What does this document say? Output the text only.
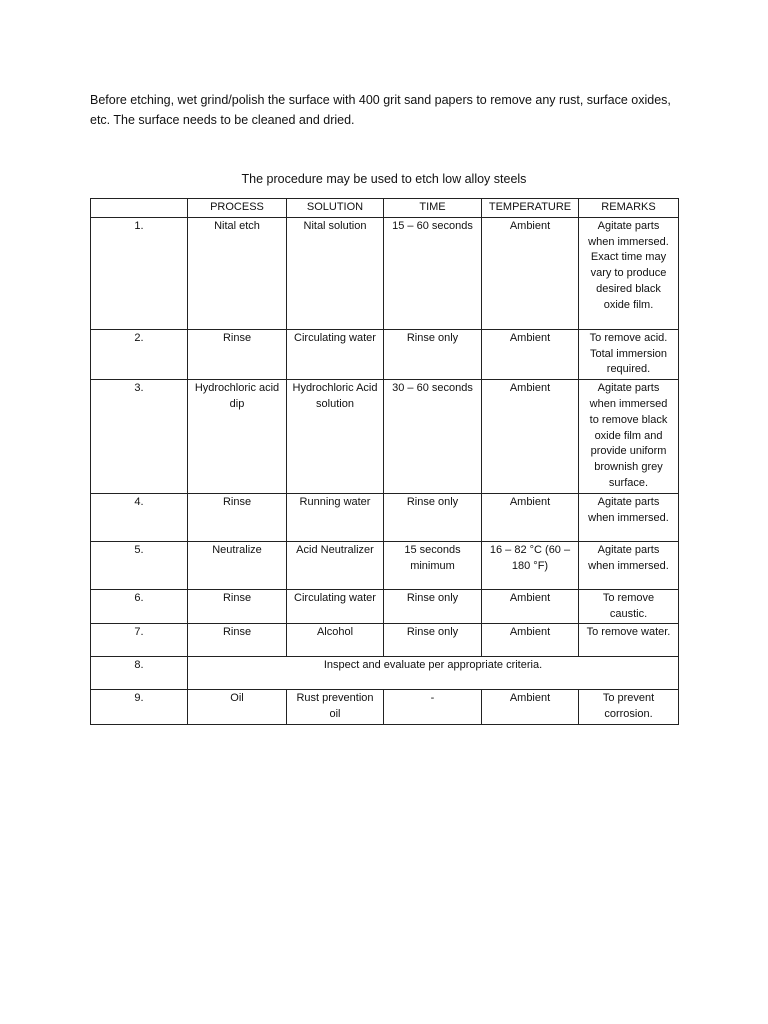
Before etching, wet grind/polish the surface with 400 grit sand papers to remove any rust, surface oxides, etc. The surface needs to be cleaned and dried.

The procedure may be used to etch low alloy steels

	PROCESS	SOLUTION	TIME	TEMPERATURE	REMARKS
1.	Nital etch	Nital solution	15 – 60 seconds	Ambient	Agitate parts when immersed. Exact time may vary to produce desired black oxide film.
2.	Rinse	Circulating water	Rinse only	Ambient	To remove acid. Total immersion required.
3.	Hydrochloric acid dip	Hydrochloric Acid solution	30 – 60 seconds	Ambient	Agitate parts when immersed to remove black oxide film and provide uniform brownish grey surface.
4.	Rinse	Running water	Rinse only	Ambient	Agitate parts when immersed.
5.	Neutralize	Acid Neutralizer	15 seconds minimum	16 – 82 °C (60 – 180 °F)	Agitate parts when immersed.
6.	Rinse	Circulating water	Rinse only	Ambient	To remove caustic.
7.	Rinse	Alcohol	Rinse only	Ambient	To remove water.
8.	Inspect and evaluate per appropriate criteria.				
9.	Oil	Rust prevention oil	-	Ambient	To prevent corrosion.
